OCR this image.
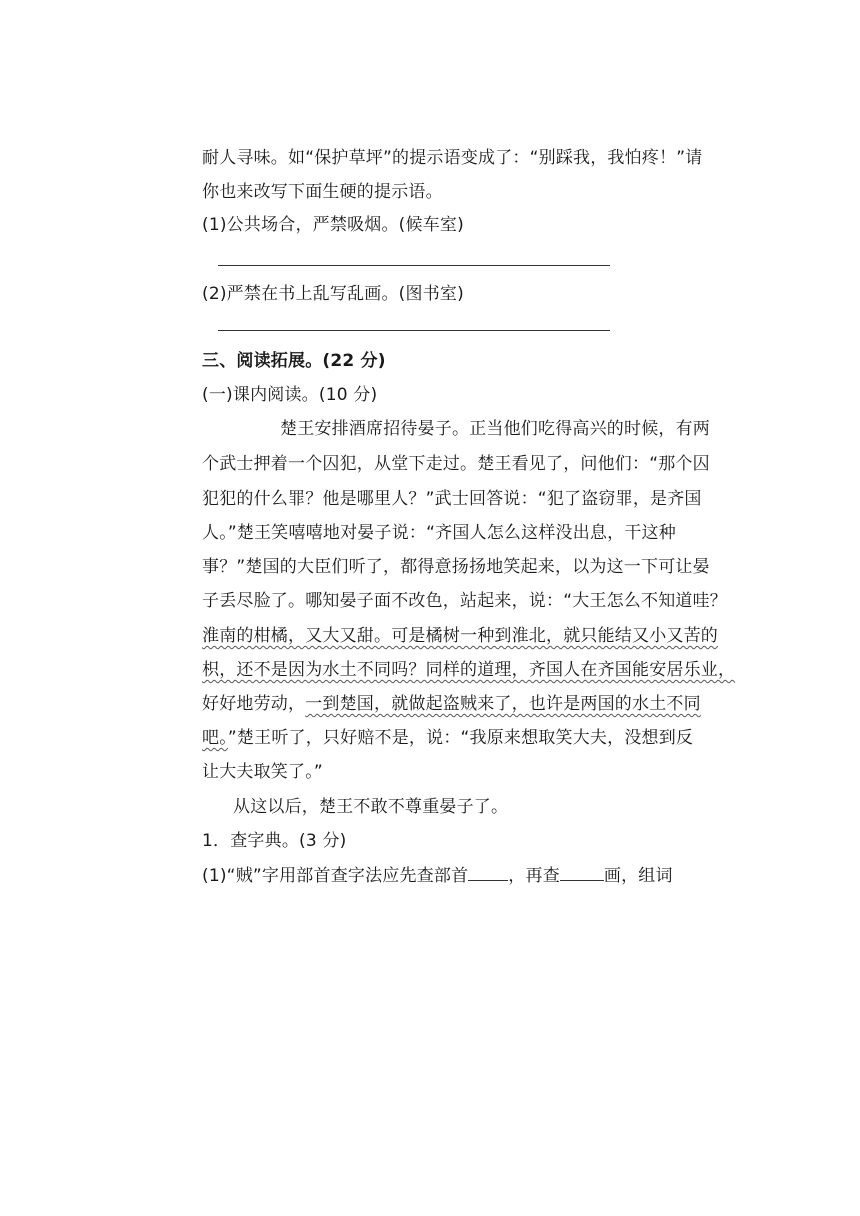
耐人寻味。如“保护草坪”的提示语变成了：“别踩我，我怕疼！”请
你也来改写下面生硬的提示语。
(1)公共场合，严禁吸烟。(候车室)
(2)严禁在书上乱写乱画。(图书室)
三、阅读拓展。(22 分)
(一)课内阅读。(10 分)
楚王安排酒席招待晏子。正当他们吃得高兴的时候，有两
个武士押着一个囚犯，从堂下走过。楚王看见了，问他们：“那个囚
犯犯的什么罪？他是哪里人？”武士回答说：“犯了盗窃罪，是齐国
人。”楚王笑嘻嘻地对晏子说：“齐国人怎么这样没出息，干这种
事？”楚国的大臣们听了，都得意扬扬地笑起来，以为这一下可让晏
子丢尽脸了。哪知晏子面不改色，站起来，说：“大王怎么不知道哇？
淮南的柑橘，又大又甜。可是橘树一种到淮北，就只能结又小又苦的
枳，还不是因为水土不同吗？同样的道理，齐国人在齐国能安居乐业，
好好地劳动，一到楚国，就做起盗贼来了，也许是两国的水土不同
吧。”楚王听了，只好赔不是，说：“我原来想取笑大夫，没想到反
让大夫取笑了。”
从这以后，楚王不敢不尊重晏子了。
1．查字典。(3 分)
(1)“贼”字用部首查字法应先查部首 ，再查	画，组词
